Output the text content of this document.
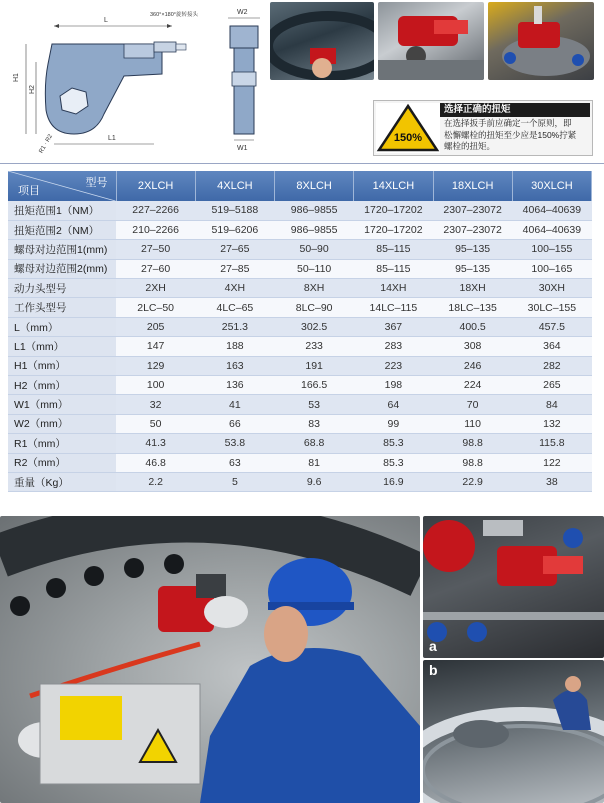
L
360°×180°旋转接头
H1
H2
L1
R1 · R2
W2
W1
150%
选择正确的扭矩
在选择扳手前应确定一个原则，即
松懈螺栓的扭矩至少应是150%拧紧
螺栓的扭矩。
型号
项目	2XLCH	4XLCH	8XLCH	14XLCH	18XLCH	30XLCH
扭矩范围1（NM）	227–2266	519–5188	986–9855	1720–17202	2307–23072	4064–40639
扭矩范围2（NM）	210–2266	519–6206	986–9855	1720–17202	2307–23072	4064–40639
螺母对边范围1(mm)	27–50	27–65	50–90	85–115	95–135	100–155
螺母对边范围2(mm)	27–60	27–85	50–110	85–115	95–135	100–165
动力头型号	2XH	4XH	8XH	14XH	18XH	30XH
工作头型号	2LC–50	4LC–65	8LC–90	14LC–115	18LC–135	30LC–155
L（mm）	205	251.3	302.5	367	400.5	457.5
L1（mm）	147	188	233	283	308	364
H1（mm）	129	163	191	223	246	282
H2（mm）	100	136	166.5	198	224	265
W1（mm）	32	41	53	64	70	84
W2（mm）	50	66	83	99	110	132
R1（mm）	41.3	53.8	68.8	85.3	98.8	115.8
R2（mm）	46.8	63	81	85.3	98.8	122
重量（Kg）	2.2	5	9.6	16.9	22.9	38
a
b
